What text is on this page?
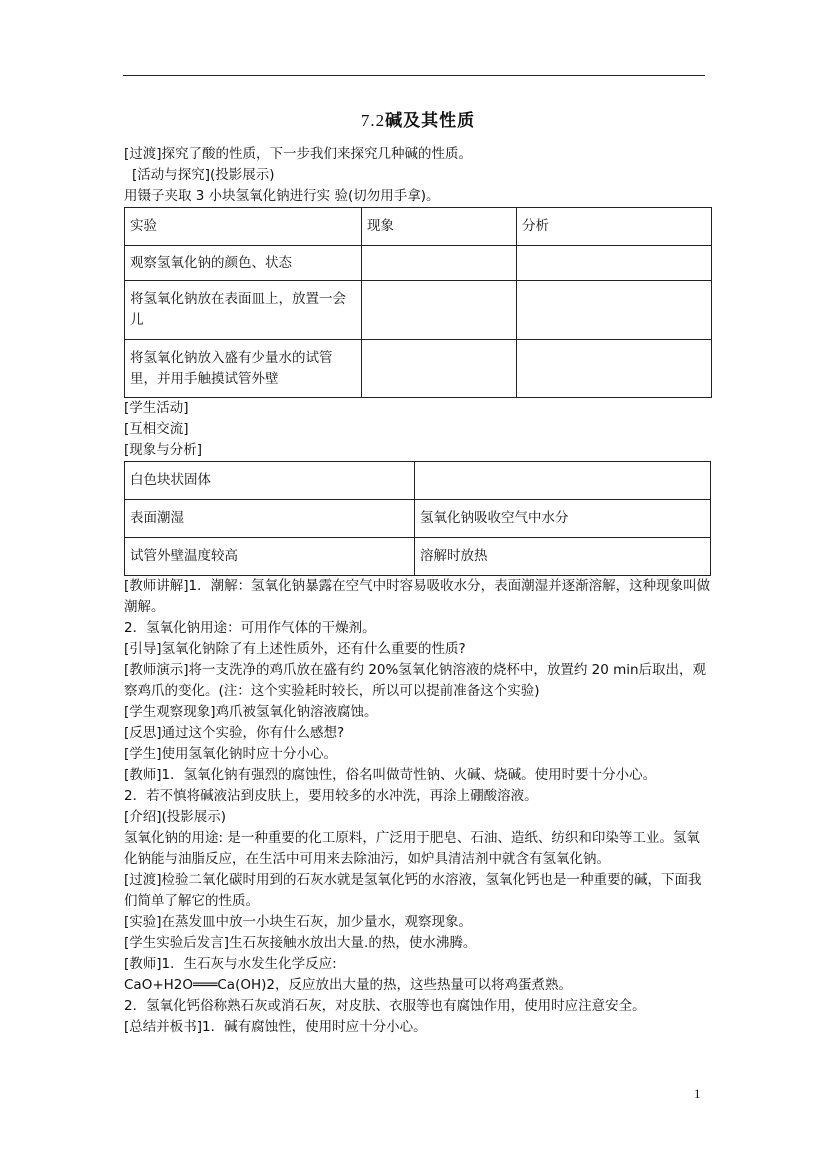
7.2碱及其性质

[过渡]探究了酸的性质，下一步我们来探究几种碱的性质。

[活动与探究](投影展示)

用镊子夹取 3 小块氢氧化钠进行实 验(切勿用手拿)。

实验	现象	分析
观察氢氧化钠的颜色、状态		
将氢氧化钠放在表面皿上，放置一会儿		
将氢氧化钠放入盛有少量水的试管里，并用手触摸试管外壁		

[学生活动]

[互相交流]

[现象与分析]

白色块状固体	
表面潮湿	氢氧化钠吸收空气中水分
试管外壁温度较高	溶解时放热

[教师讲解]1．潮解：氢氧化钠暴露在空气中时容易吸收水分，表面潮湿并逐渐溶解，这种现象叫做潮解。

2．氢氧化钠用途：可用作气体的干燥剂。

[引导]氢氧化钠除了有上述性质外，还有什么重要的性质?

[教师演示]将一支洗净的鸡爪放在盛有约 20%氢氧化钠溶液的烧杯中，放置约 20 min后取出，观察鸡爪的变化。(注：这个实验耗时较长，所以可以提前准备这个实验)

[学生观察现象]鸡爪被氢氧化钠溶液腐蚀。

[反思]通过这个实验，你有什么感想?

[学生]使用氢氧化钠时应十分小心。

[教师]1．氢氧化钠有强烈的腐蚀性，俗名叫做苛性钠、火碱、烧碱。使用时要十分小心。

2．若不慎将碱液沾到皮肤上，要用较多的水冲洗，再涂上硼酸溶液。

[介绍](投影展示)

氢氧化钠的用途: 是一种重要的化工原料，广泛用于肥皂、石油、造纸、纺织和印染等工业。氢氧化钠能与油脂反应，在生活中可用来去除油污，如炉具清洁剂中就含有氢氧化钠。

[过渡]检验二氧化碳时用到的石灰水就是氢氧化钙的水溶液，氢氧化钙也是一种重要的碱，下面我们简单了解它的性质。

[实验]在蒸发皿中放一小块生石灰，加少量水，观察现象。

[学生实验后发言]生石灰接触水放出大量.的热，使水沸腾。

[教师]1．生石灰与水发生化学反应:

CaO+H2O═══Ca(OH)2，反应放出大量的热，这些热量可以将鸡蛋煮熟。

2．氢氧化钙俗称熟石灰或消石灰，对皮肤、衣服等也有腐蚀作用，使用时应注意安全。

[总结并板书]1．碱有腐蚀性，使用时应十分小心。

1
